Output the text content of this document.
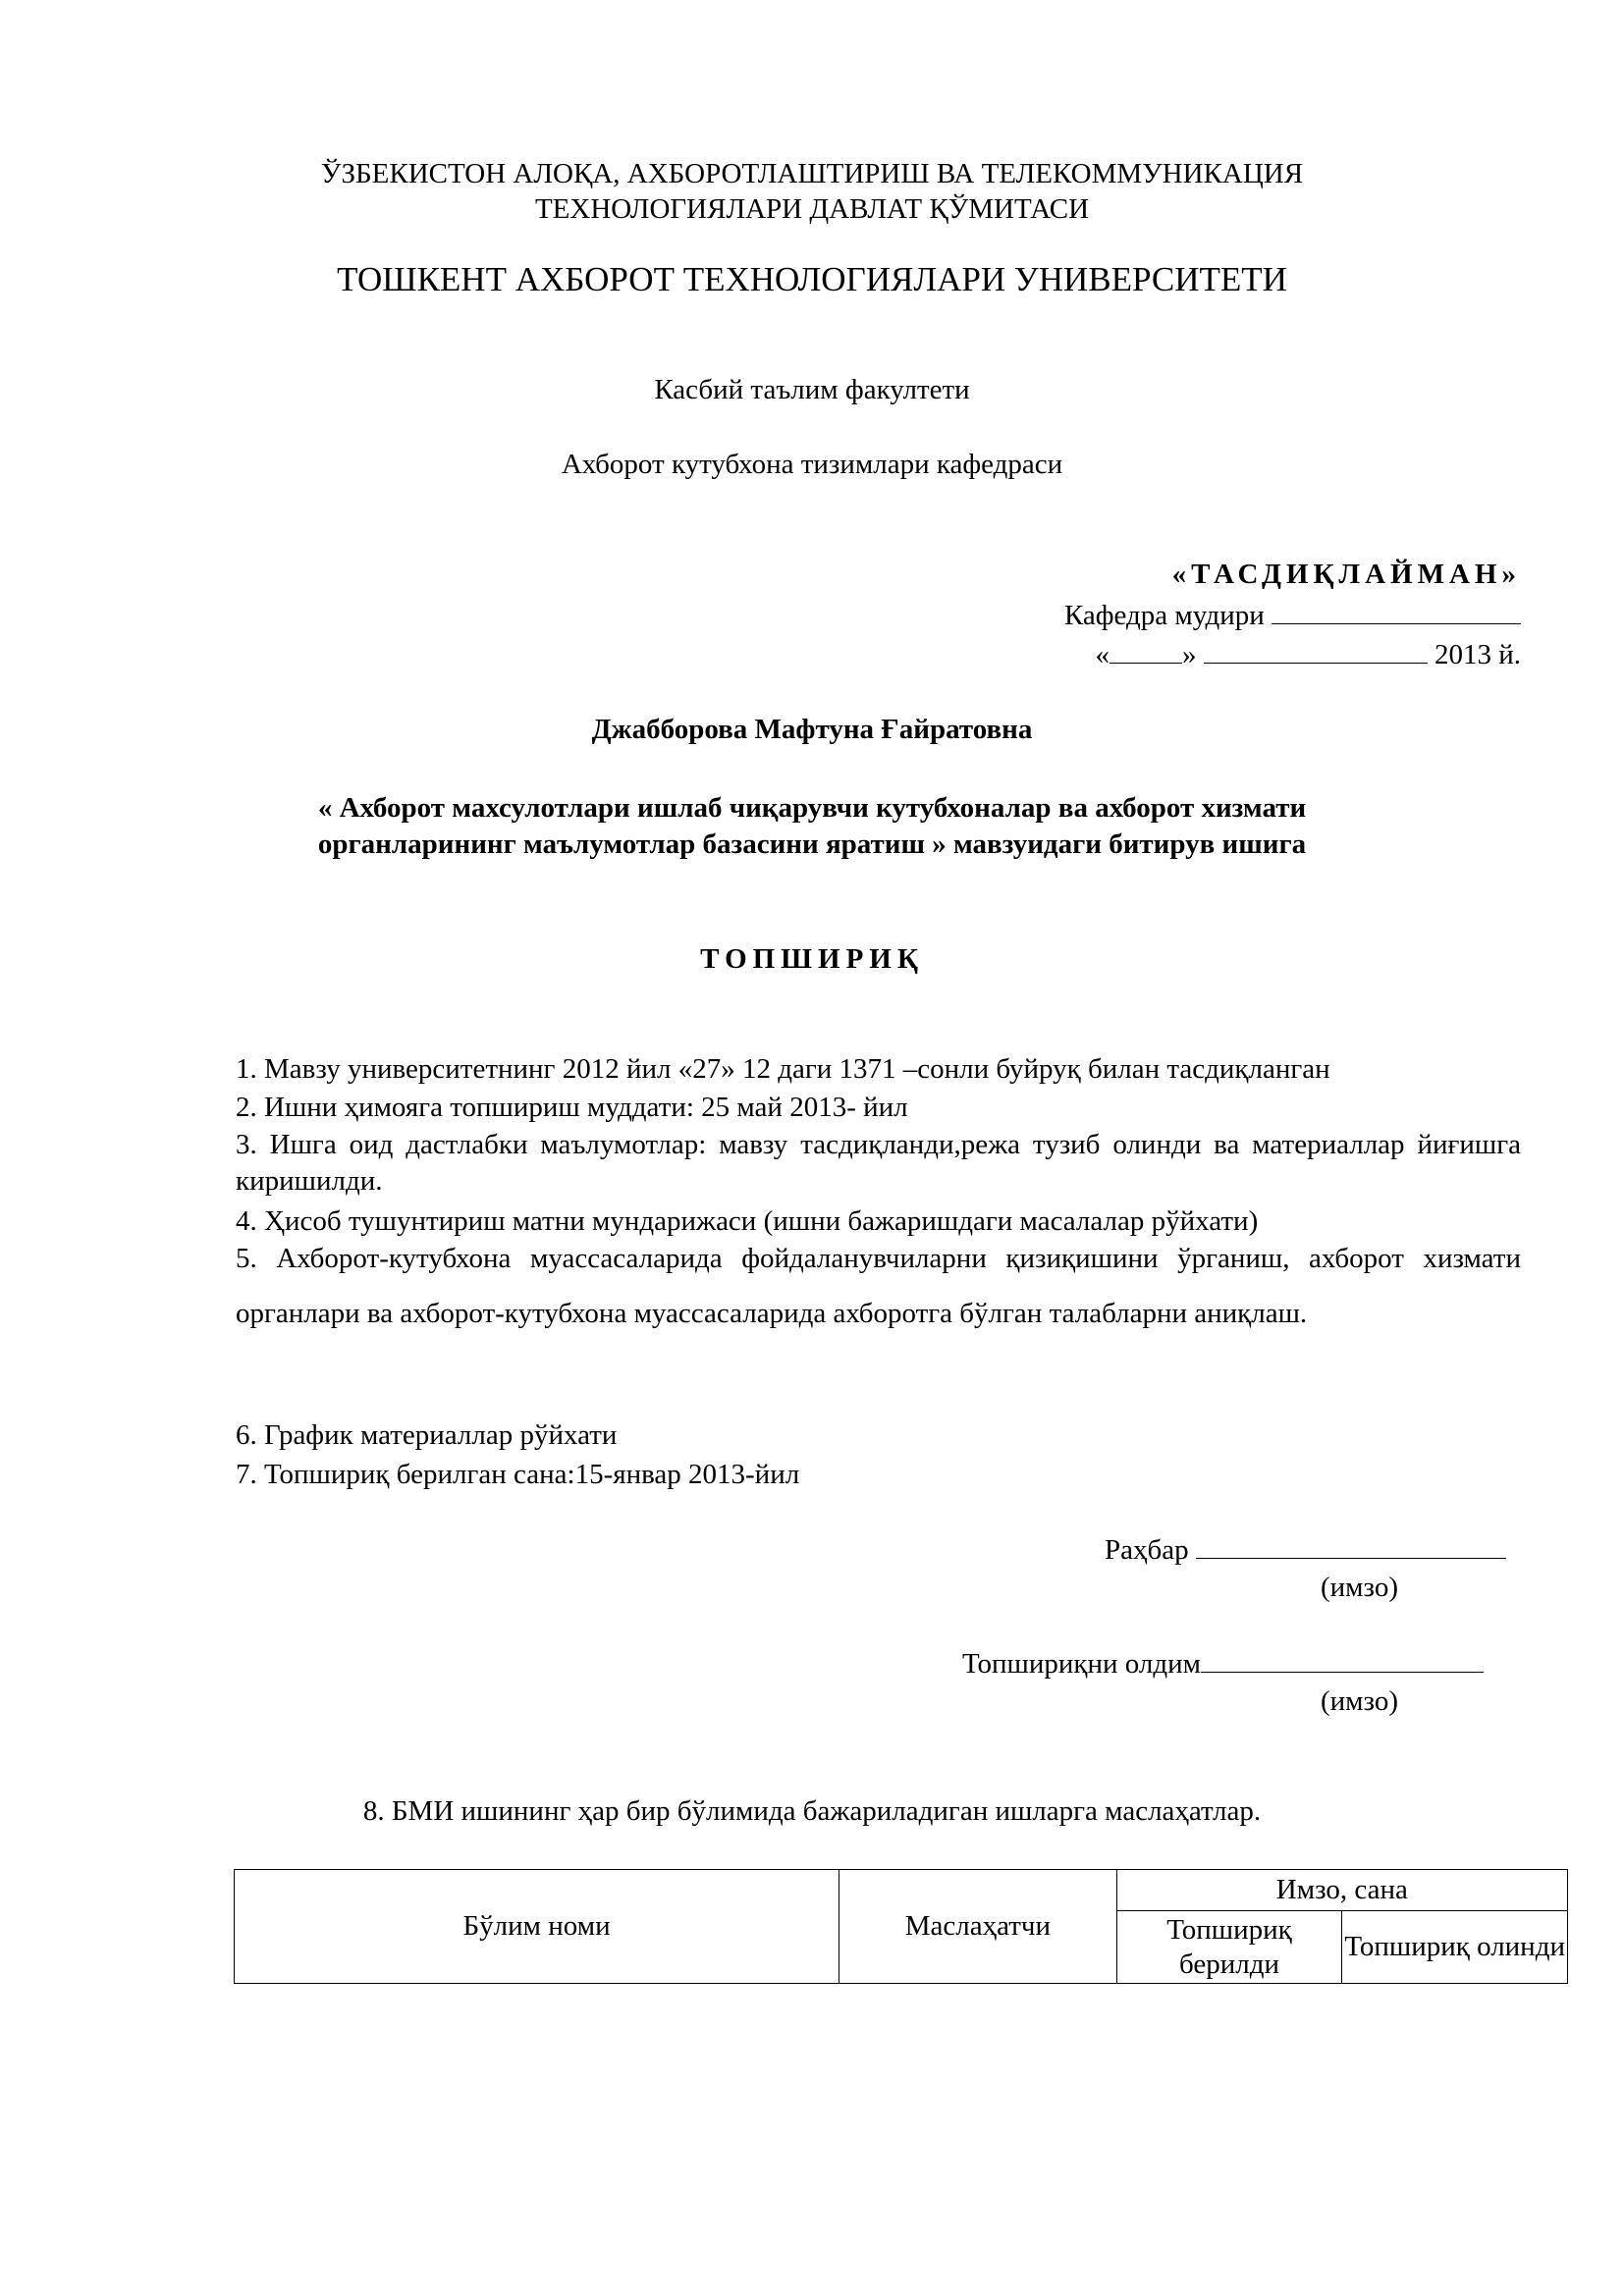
ЎЗБЕКИСТОН АЛОҚА, АХБОРОТЛАШТИРИШ ВА ТЕЛЕКОММУНИКАЦИЯ
ТЕХНОЛОГИЯЛАРИ ДАВЛАТ ҚЎМИТАСИ
ТОШКЕНТ АХБОРОТ ТЕХНОЛОГИЯЛАРИ УНИВЕРСИТЕТИ
Касбий таълим факултети
Ахборот кутубхона тизимлари кафедраси
«ТАСДИҚЛАЙМАН»
Кафедра мудири
«	»	2013 й.
Джабборова Мафтуна Ғайратовна
« Ахборот махсулотлари ишлаб чиқарувчи кутубхоналар ва ахборот хизмати
органларининг маълумотлар базасини яратиш » мавзуидаги битирув ишига
ТОПШИРИҚ
1. Мавзу университетнинг 2012 йил «27» 12 даги 1371 –сонли буйруқ билан тасдиқланган
2. Ишни ҳимояга топшириш муддати: 25 май 2013- йил
3. Ишга оид дастлабки маълумотлар: мавзу тасдиқланди,режа тузиб олинди ва материаллар йиғишга киришилди.
4. Ҳисоб тушунтириш матни мундарижаси (ишни бажаришдаги масалалар рўйхати)
5. Ахборот-кутубхона муассасаларида фойдаланувчиларни қизиқишини ўрганиш, ахборот хизмати органлари ва ахборот-кутубхона муассасаларида ахборотга бўлган талабларни аниқлаш.
6. График материаллар рўйхати
7. Топшириқ берилган сана:15-январ 2013-йил
Раҳбар
(имзо)
Топшириқни олдим
(имзо)
8. БМИ ишининг ҳар бир бўлимида бажариладиган ишларга маслаҳатлар.
Бўлим номи	Маслаҳатчи	Имзо, сана	
		Топшириқ берилди	Топшириқ олинди
